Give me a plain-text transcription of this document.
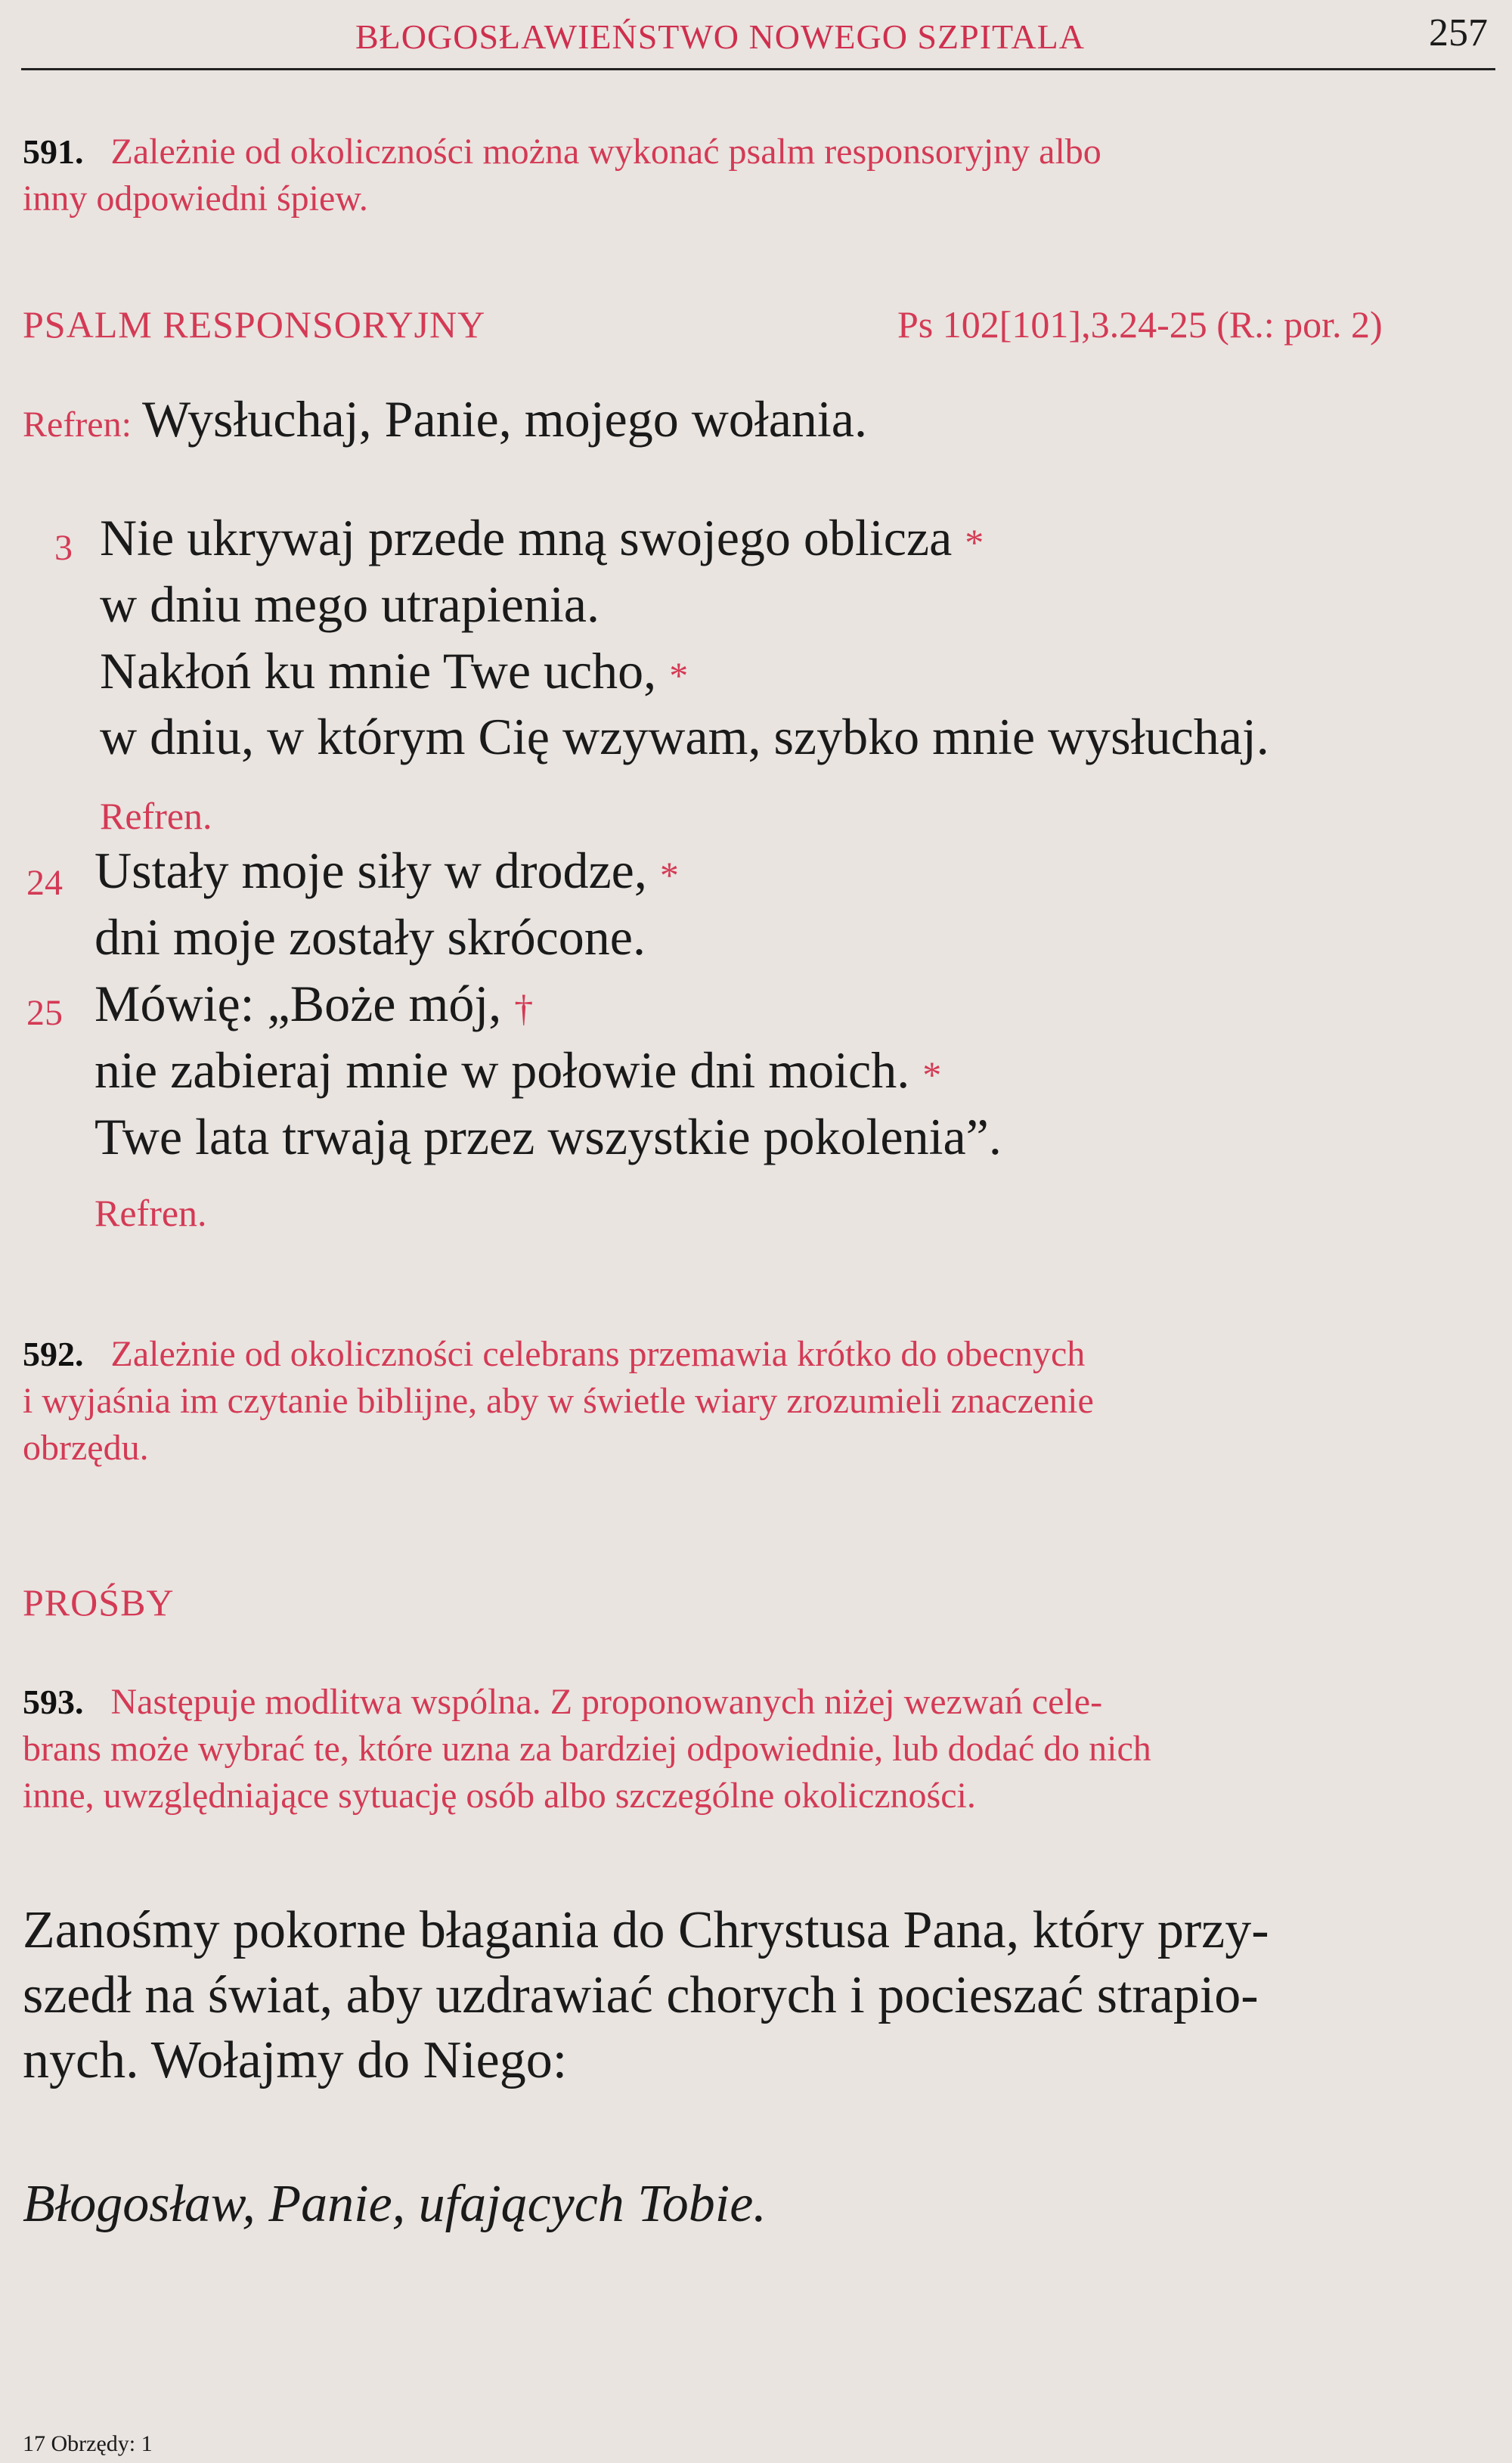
BŁOGOSŁAWIEŃSTWO NOWEGO SZPITALA	257
591. Zależnie od okoliczności można wykonać psalm responsoryjny albo
inny odpowiedni śpiew.
PSALM RESPONSORYJNY	Ps 102[101],3.24-25 (R.: por. 2)
Refren: Wysłuchaj, Panie, mojego wołania.
3 Nie ukrywaj przede mną swojego oblicza *
w dniu mego utrapienia.
Nakłoń ku mnie Twe ucho, *
w dniu, w którym Cię wzywam, szybko mnie wysłuchaj.
Refren.
24 Ustały moje siły w drodze, *
dni moje zostały skrócone.
25 Mówię: „Boże mój, †
nie zabieraj mnie w połowie dni moich. *
Twe lata trwają przez wszystkie pokolenia”.
Refren.
592. Zależnie od okoliczności celebrans przemawia krótko do obecnych
i wyjaśnia im czytanie biblijne, aby w świetle wiary zrozumieli znaczenie
obrzędu.
PROŚBY
593. Następuje modlitwa wspólna. Z proponowanych niżej wezwań cele-
brans może wybrać te, które uzna za bardziej odpowiednie, lub dodać do nich
inne, uwzględniające sytuację osób albo szczególne okoliczności.
Zanośmy pokorne błagania do Chrystusa Pana, który przy-
szedł na świat, aby uzdrawiać chorych i pocieszać strapio-
nych. Wołajmy do Niego:
Błogosław, Panie, ufających Tobie.
17 Obrzędy: 1
